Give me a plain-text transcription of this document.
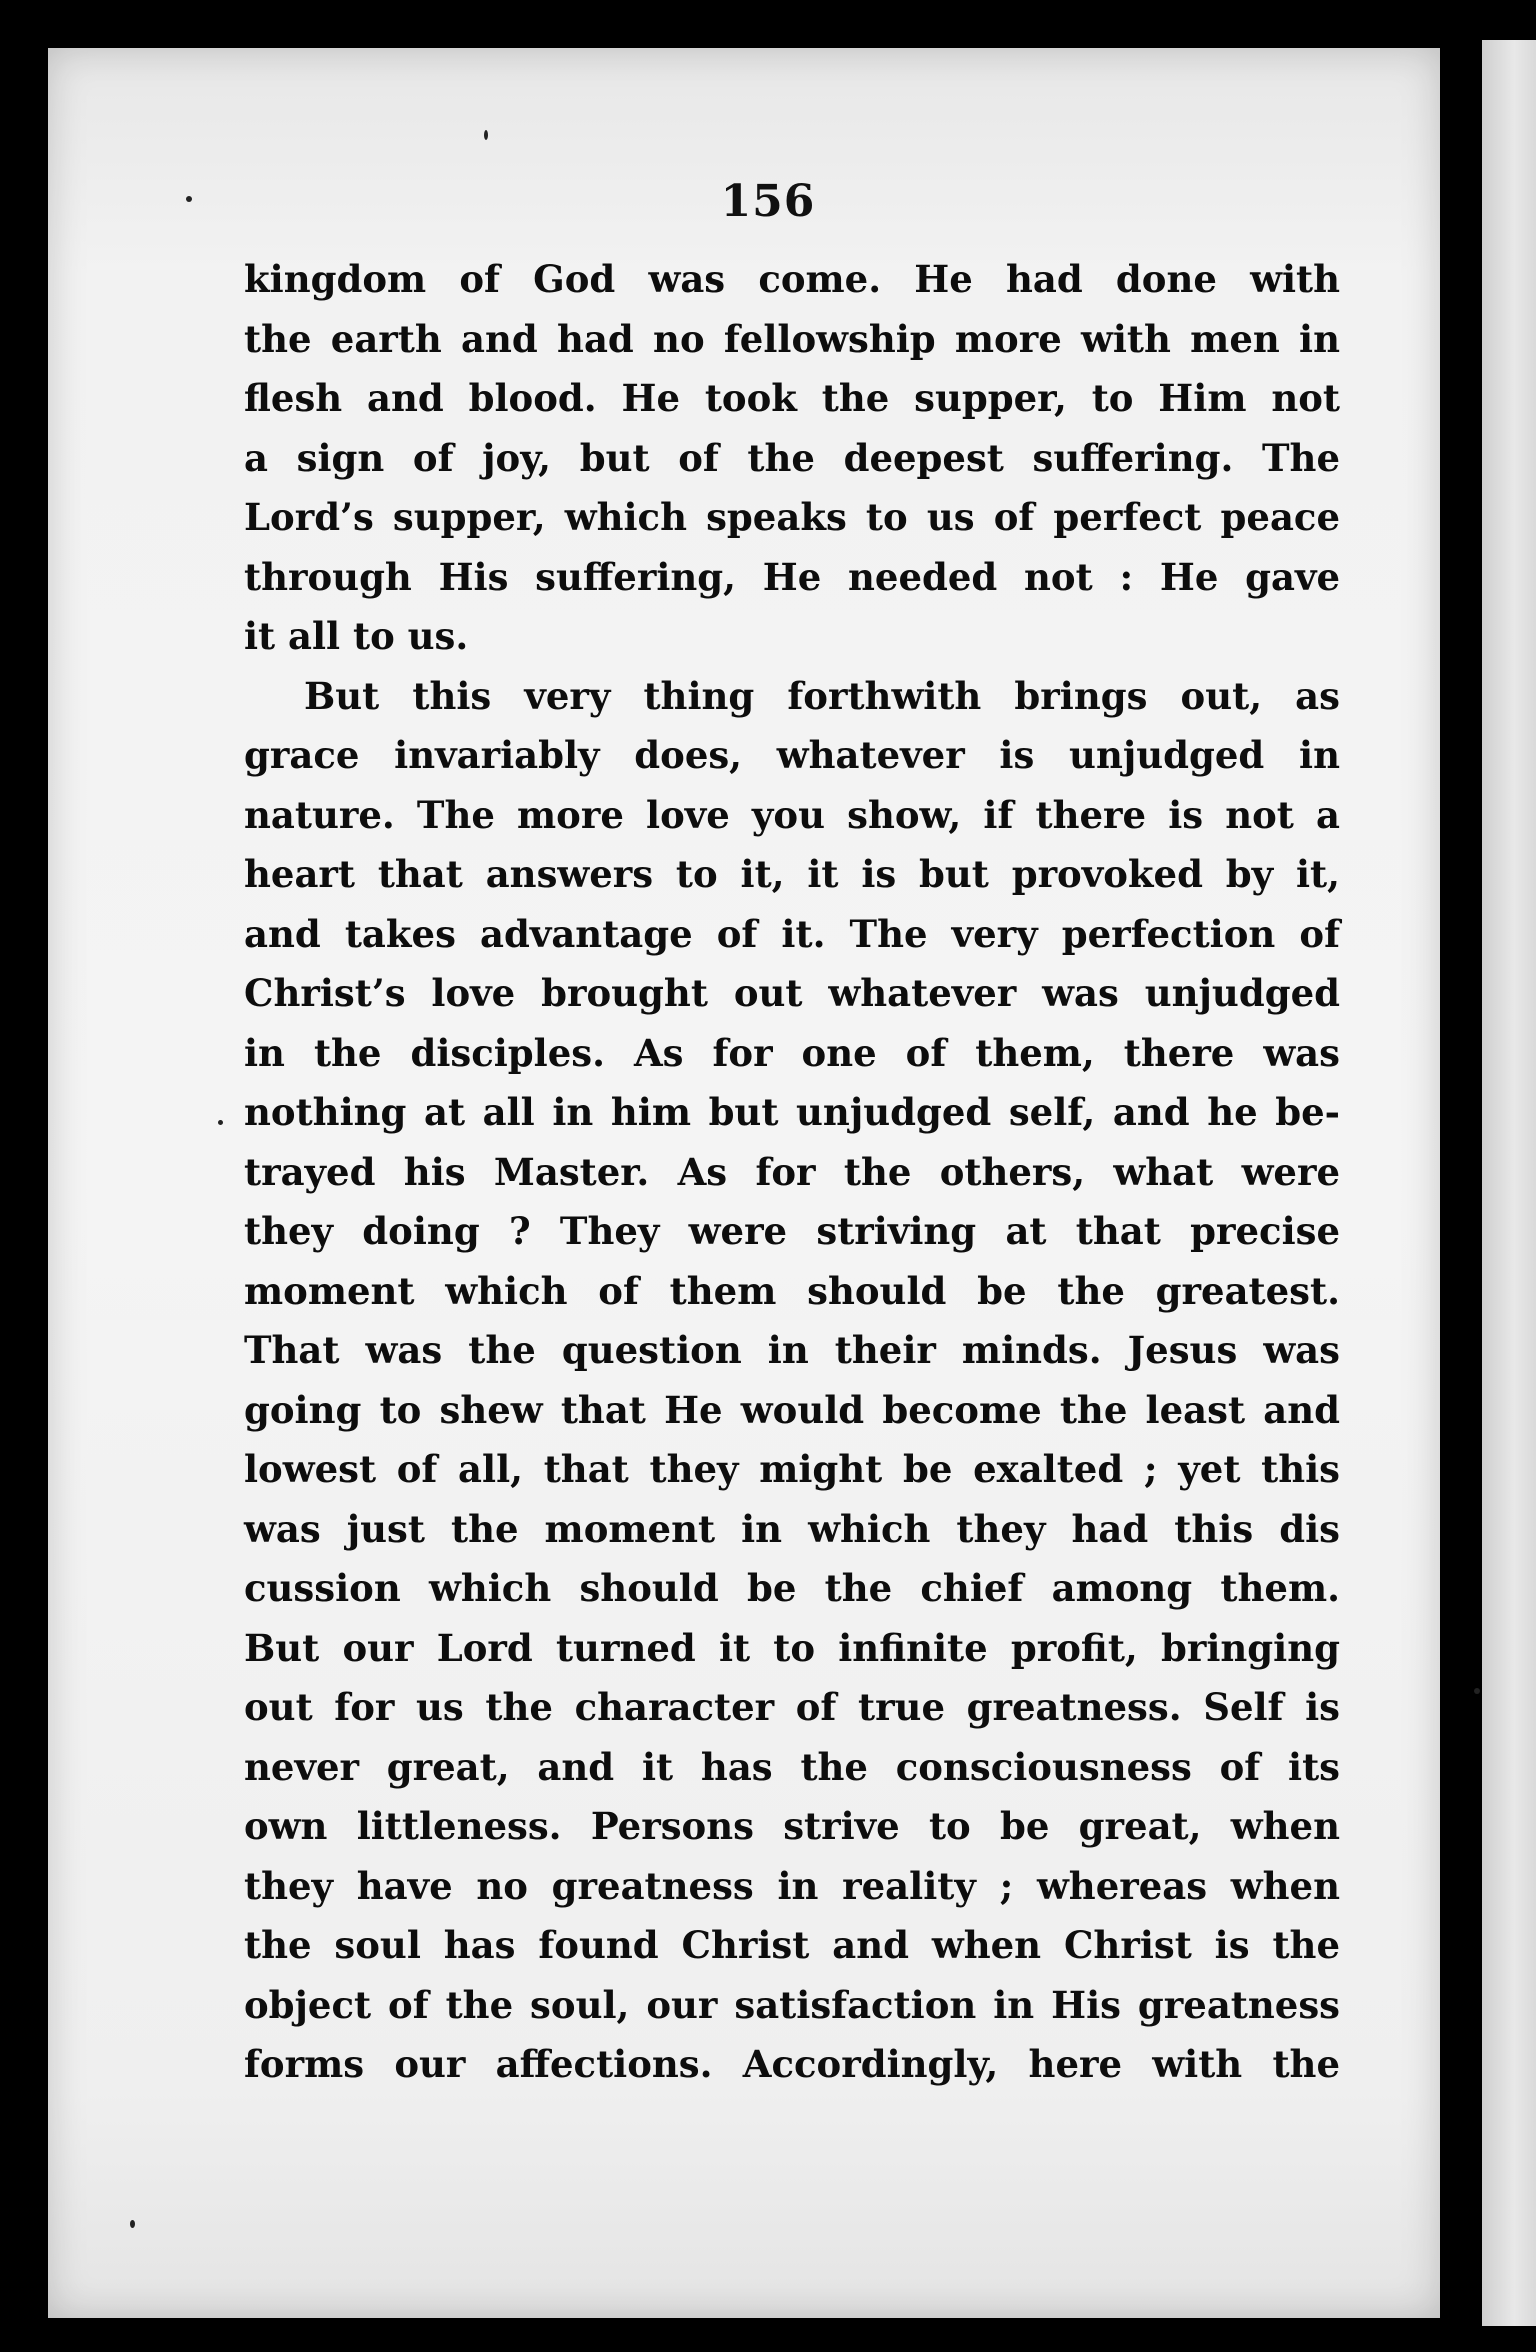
156
kingdom of God was come. He had done with
the earth and had no fellowship more with men in
flesh and blood. He took the supper, to Him not
a sign of joy, but of the deepest suffering. The
Lord’s supper, which speaks to us of perfect peace
through His suffering, He needed not : He gave
it all to us.
But this very thing forthwith brings out, as
grace invariably does, whatever is unjudged in
nature. The more love you show, if there is not a
heart that answers to it, it is but provoked by it,
and takes advantage of it. The very perfection of
Christ’s love brought out whatever was unjudged
in the disciples. As for one of them, there was
nothing at all in him but unjudged self, and he be-
trayed his Master. As for the others, what were
they doing ? They were striving at that precise
moment which of them should be the greatest.
That was the question in their minds. Jesus was
going to shew that He would become the least and
lowest of all, that they might be exalted ; yet this
was just the moment in which they had this dis
cussion which should be the chief among them.
But our Lord turned it to infinite profit, bringing
out for us the character of true greatness. Self is
never great, and it has the consciousness of its
own littleness. Persons strive to be great, when
they have no greatness in reality ; whereas when
the soul has found Christ and when Christ is the
object of the soul, our satisfaction in His greatness
forms our affections. Accordingly, here with the
